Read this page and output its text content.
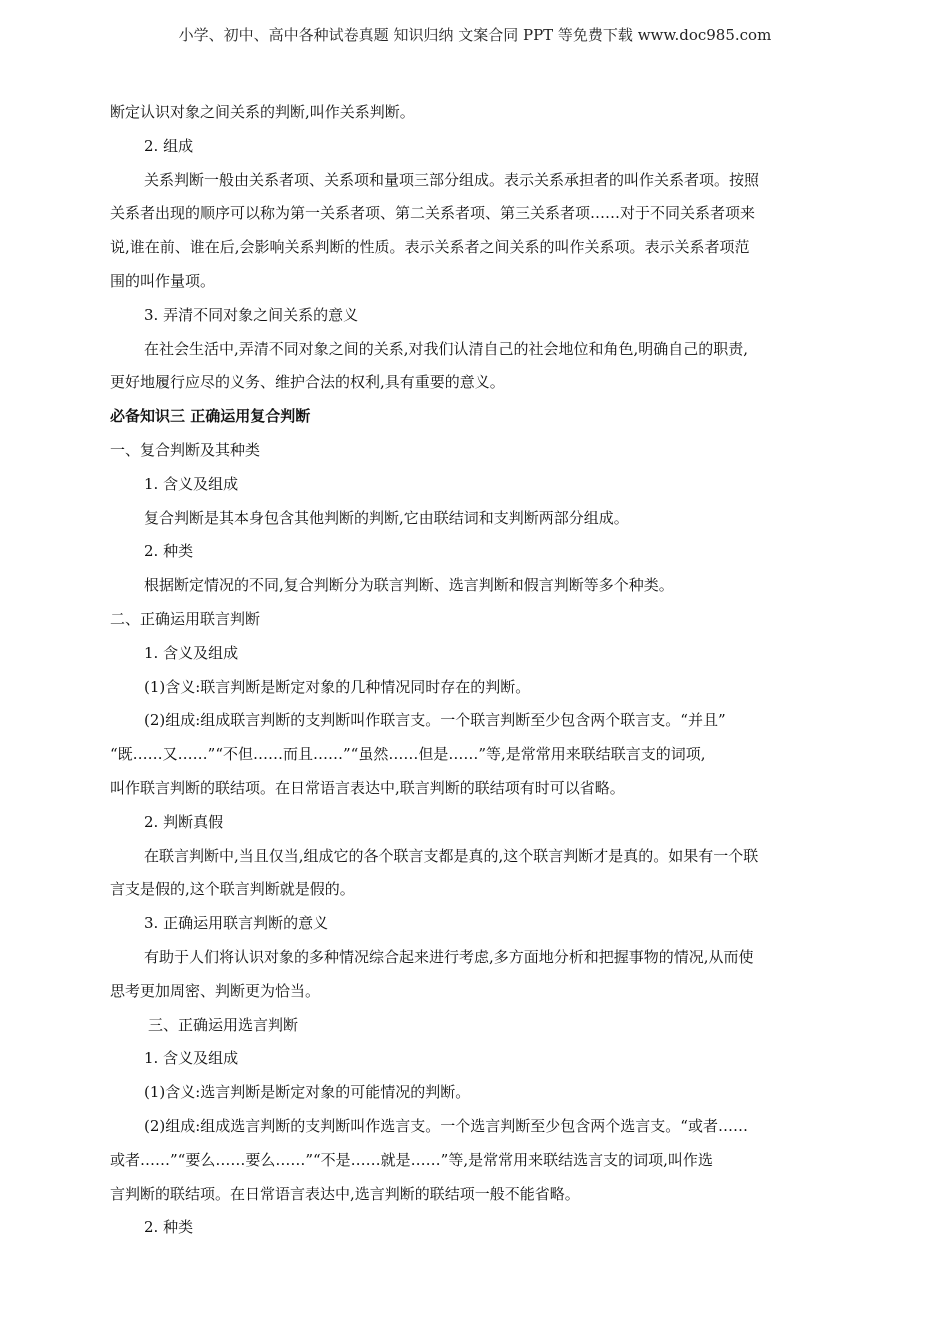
小学、初中、高中各种试卷真题 知识归纳 文案合同 PPT 等免费下载 www.doc985.com
断定认识对象之间关系的判断,叫作关系判断。
2. 组成
关系判断一般由关系者项、关系项和量项三部分组成。表示关系承担者的叫作关系者项。按照
关系者出现的顺序可以称为第一关系者项、第二关系者项、第三关系者项……对于不同关系者项来
说,谁在前、谁在后,会影响关系判断的性质。表示关系者之间关系的叫作关系项。表示关系者项范
围的叫作量项。
3. 弄清不同对象之间关系的意义
在社会生活中,弄清不同对象之间的关系,对我们认清自己的社会地位和角色,明确自己的职责,
更好地履行应尽的义务、维护合法的权利,具有重要的意义。
必备知识三 正确运用复合判断
一、复合判断及其种类
1. 含义及组成
复合判断是其本身包含其他判断的判断,它由联结词和支判断两部分组成。
2. 种类
根据断定情况的不同,复合判断分为联言判断、选言判断和假言判断等多个种类。
二、正确运用联言判断
1. 含义及组成
(1)含义:联言判断是断定对象的几种情况同时存在的判断。
(2)组成:组成联言判断的支判断叫作联言支。一个联言判断至少包含两个联言支。“并且”
“既……又……”“不但……而且……”“虽然……但是……”等,是常常用来联结联言支的词项,
叫作联言判断的联结项。在日常语言表达中,联言判断的联结项有时可以省略。
2. 判断真假
在联言判断中,当且仅当,组成它的各个联言支都是真的,这个联言判断才是真的。如果有一个联
言支是假的,这个联言判断就是假的。
3. 正确运用联言判断的意义
有助于人们将认识对象的多种情况综合起来进行考虑,多方面地分析和把握事物的情况,从而使
思考更加周密、判断更为恰当。
三、正确运用选言判断
1. 含义及组成
(1)含义:选言判断是断定对象的可能情况的判断。
(2)组成:组成选言判断的支判断叫作选言支。一个选言判断至少包含两个选言支。“或者……
或者……”“要么……要么……”“不是……就是……”等,是常常用来联结选言支的词项,叫作选
言判断的联结项。在日常语言表达中,选言判断的联结项一般不能省略。
2. 种类
